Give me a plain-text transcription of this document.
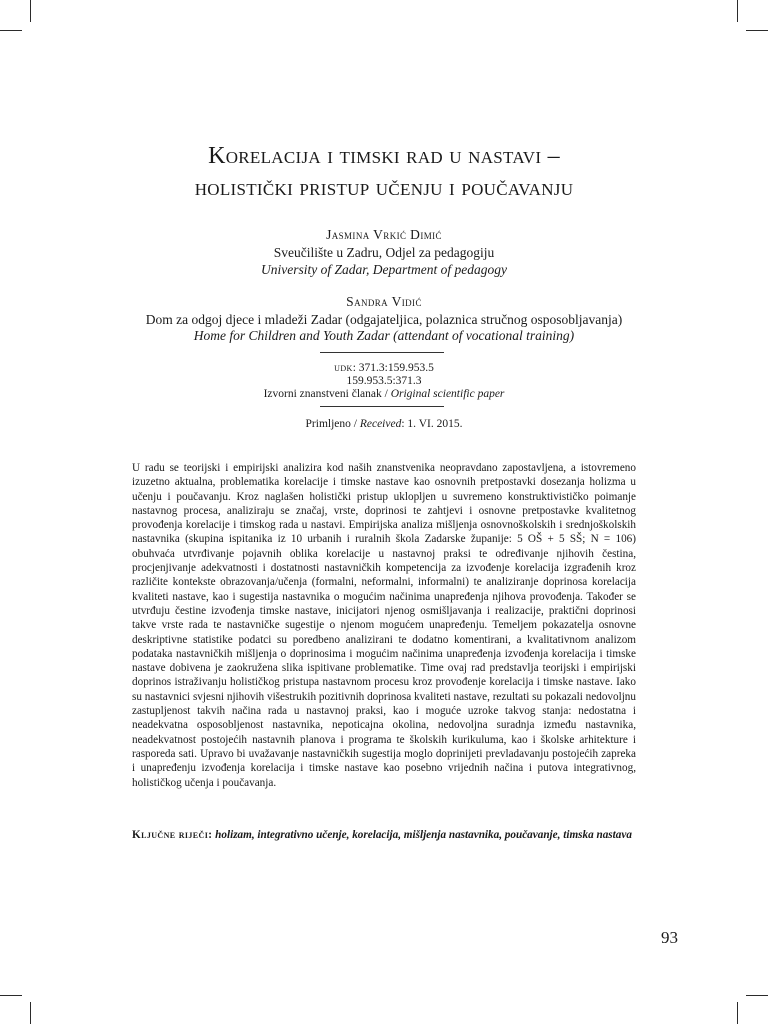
Korelacija i timski rad u nastavi –
holistički pristup učenju i poučavanju
Jasmina Vrkić Dimić
Sveučilište u Zadru, Odjel za pedagogiju
University of Zadar, Department of pedagogy
Sandra Vidić
Dom za odgoj djece i mladeži Zadar (odgajateljica, polaznica stručnog osposobljavanja)
Home for Children and Youth Zadar (attendant of vocational training)
udk: 371.3:159.953.5
159.953.5:371.3
Izvorni znanstveni članak / Original scientific paper
Primljeno / Received: 1. VI. 2015.

U radu se teorijski i empirijski analizira kod naših znanstvenika neopravdano zapostavljena, a istovremeno izuzetno aktualna, problematika korelacije i timske nastave kao osnovnih pretpostavki dosezanja holizma u učenju i poučavanju. Kroz naglašen holistički pristup uklopljen u suvremeno konstruktivističko poimanje nastavnog procesa, analiziraju se značaj, vrste, doprinosi te zahtjevi i osnovne pretpostavke kvalitetnog provođenja korelacije i timskog rada u nastavi. Empirijska analiza mišljenja osnovnoškolskih i srednjoškolskih nastavnika (skupina ispitanika iz 10 urbanih i ruralnih škola Zadarske županije: 5 OŠ + 5 SŠ; N = 106) obuhvaća utvrđivanje pojavnih oblika korelacije u nastavnoj praksi te određivanje njihovih čestina, procjenjivanje adekvatnosti i dostatnosti nastavničkih kompetencija za izvođenje korelacija izgrađenih kroz različite kontekste obrazovanja/učenja (formalni, neformalni, informalni) te analiziranje doprinosa korelacija kvaliteti nastave, kao i sugestija nastavnika o mogućim načinima unapređenja njihova provođenja. Također se utvrđuju čestine izvođenja timske nastave, inicijatori njenog osmišljavanja i realizacije, praktični doprinosi takve vrste rada te nastavničke sugestije o njenom mogućem unapređenju. Temeljem pokazatelja osnovne deskriptivne statistike podatci su poredbeno analizirani te dodatno komentirani, a kvalitativnom analizom podataka nastavničkih mišljenja o doprinosima i mogućim načinima unapređenja izvođenja korelacija i timske nastave dobivena je zaokružena slika ispitivane problematike. Time ovaj rad predstavlja teorijski i empirijski doprinos istraživanju holističkog pristupa nastavnom procesu kroz provođenje korelacija i timske nastave. Iako su nastavnici svjesni njihovih višestrukih pozitivnih doprinosa kvaliteti nastave, rezultati su pokazali nedovoljnu zastupljenost takvih načina rada u nastavnoj praksi, kao i moguće uzroke takvog stanja: nedostatna i neadekvatna osposobljenost nastavnika, nepoticajna okolina, nedovoljna suradnja između nastavnika, neadekvatnost postojećih nastavnih planova i programa te školskih kurikuluma, kao i školske arhitekture i rasporeda sati. Upravo bi uvažavanje nastavničkih sugestija moglo doprinijeti prevladavanju postojećih zapreka i unapređenju izvođenja korelacija i timske nastave kao posebno vrijednih načina i putova integrativnog, holističkog učenja i poučavanja.

Ključne riječi: holizam, integrativno učenje, korelacija, mišljenja nastavnika, poučavanje, timska nastava
93
